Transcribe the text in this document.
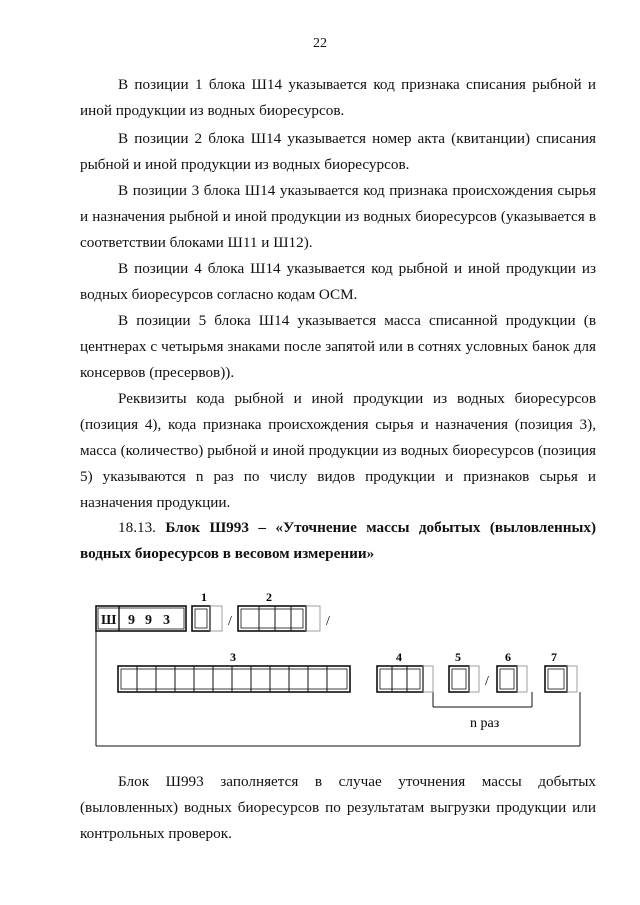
22

В позиции 1 блока Ш14 указывается код признака списания рыбной и иной продукции из водных биоресурсов.

В позиции 2 блока Ш14 указывается номер акта (квитанции) списания рыбной и иной продукции из водных биоресурсов.

В позиции 3 блока Ш14 указывается код признака происхождения сырья и назначения рыбной и иной продукции из водных биоресурсов (указывается в соответствии блоками Ш11 и Ш12).

В позиции 4 блока Ш14 указывается код рыбной и иной продукции из водных биоресурсов согласно кодам ОСМ.

В позиции 5 блока Ш14 указывается масса списанной продукции (в центнерах с четырьмя знаками после запятой или в сотнях условных банок для консервов (пресервов)).

Реквизиты кода рыбной и иной продукции из водных биоресурсов (позиция 4), кода признака происхождения сырья и назначения (позиция 3), масса (количество) рыбной и иной продукции из водных биоресурсов (позиция 5) указываются n раз по числу видов продукции и признаков сырья и назначения продукции.

18.13. Блок Ш993 – «Уточнение массы добытых (выловленных) водных биоресурсов в весовом измерении»

Ш 9 9 3
1
/
2
/
3	4	5
/
6	7
n раз

Блок Ш993 заполняется в случае уточнения массы добытых (выловленных) водных биоресурсов по результатам выгрузки продукции или контрольных проверок.
